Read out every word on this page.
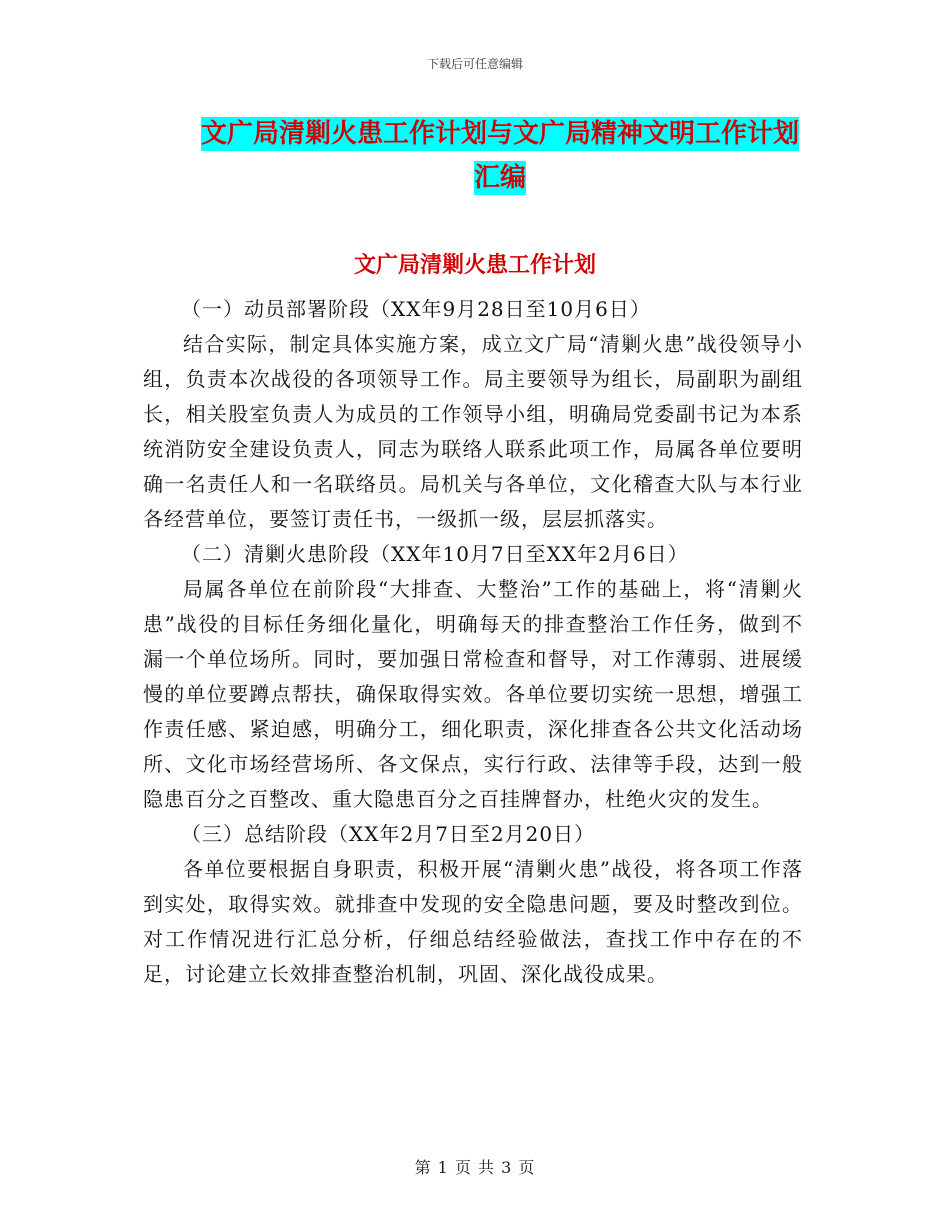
下载后可任意编辑
文广局清剿火患工作计划与文广局精神文明工作计划
汇编
文广局清剿火患工作计划

（一）动员部署阶段（XX年9月28日至10月6日）

结合实际，制定具体实施方案，成立文广局“清剿火患”战役领导小组，负责本次战役的各项领导工作。局主要领导为组长，局副职为副组长，相关股室负责人为成员的工作领导小组，明确局党委副书记为本系统消防安全建设负责人，同志为联络人联系此项工作，局属各单位要明确一名责任人和一名联络员。局机关与各单位，文化稽查大队与本行业各经营单位，要签订责任书，一级抓一级，层层抓落实。

（二）清剿火患阶段（XX年10月7日至XX年2月6日）

局属各单位在前阶段“大排查、大整治”工作的基础上，将“清剿火患”战役的目标任务细化量化，明确每天的排查整治工作任务，做到不漏一个单位场所。同时，要加强日常检查和督导，对工作薄弱、进展缓慢的单位要蹲点帮扶，确保取得实效。各单位要切实统一思想，增强工作责任感、紧迫感，明确分工，细化职责，深化排查各公共文化活动场所、文化市场经营场所、各文保点，实行行政、法律等手段，达到一般隐患百分之百整改、重大隐患百分之百挂牌督办，杜绝火灾的发生。

（三）总结阶段（XX年2月7日至2月20日）

各单位要根据自身职责，积极开展“清剿火患”战役，将各项工作落到实处，取得实效。就排查中发现的安全隐患问题，要及时整改到位。对工作情况进行汇总分析，仔细总结经验做法，查找工作中存在的不足，讨论建立长效排查整治机制，巩固、深化战役成果。

第 1 页 共 3 页
